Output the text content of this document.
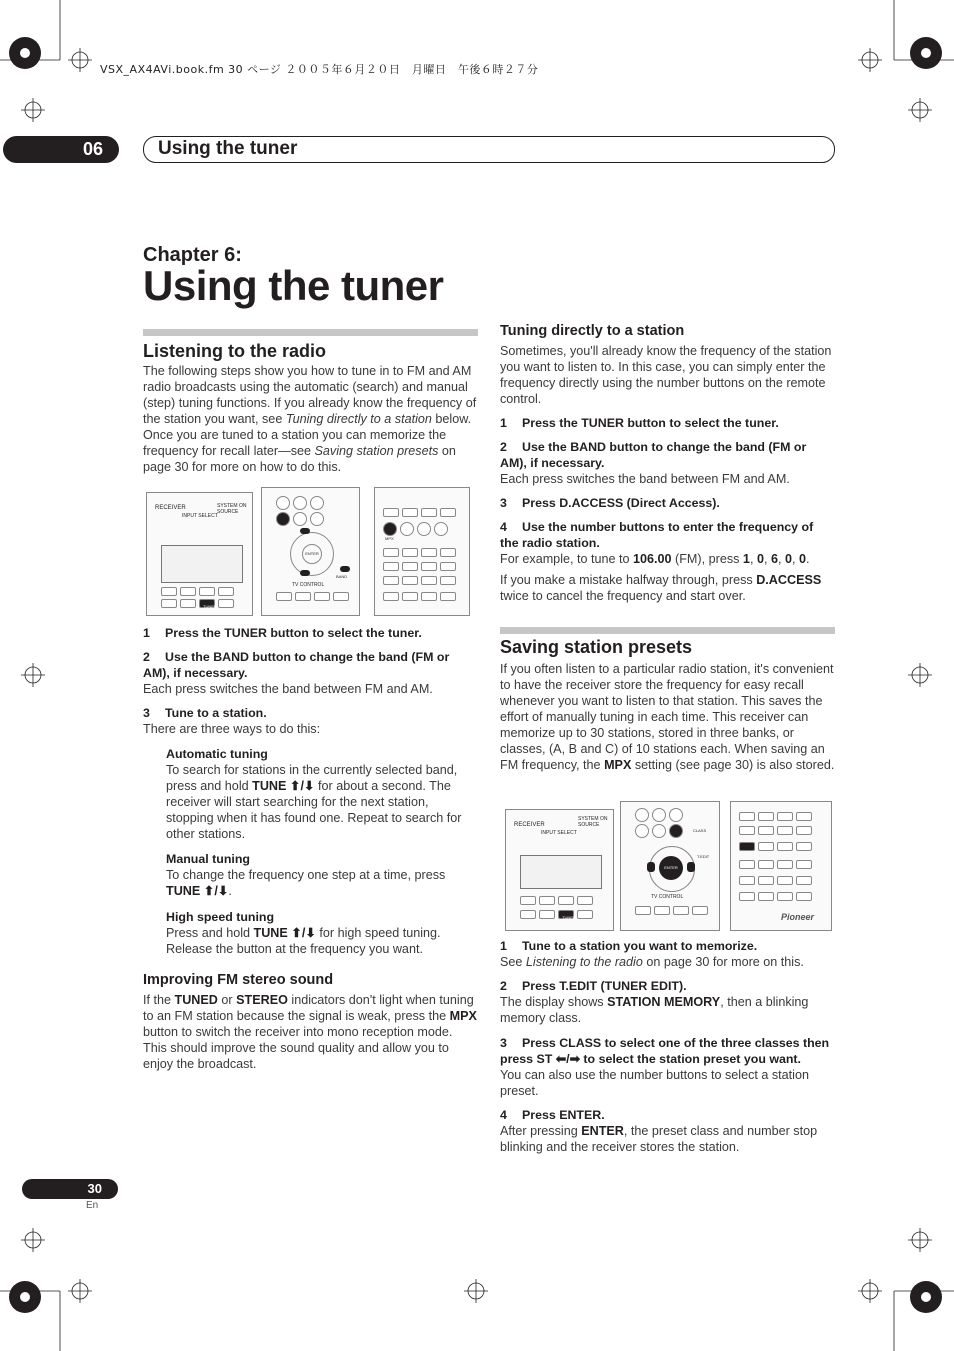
VSX_AX4AVi.book.fm 30 ページ ２００５年６月２０日　月曜日　午後６時２７分
06	Using the tuner
Chapter 6:
Using the tuner
Listening to the radio
The following steps show you how to tune in to FM and AM radio broadcasts using the automatic (search) and manual (step) tuning functions. If you already know the frequency of the station you want, see Tuning directly to a station below. Once you are tuned to a station you can memorize the frequency for recall later—see Saving station presets on page 30 for more on how to do this.
RECEIVER
INPUT SELECT
SYSTEM ON SOURCE
TUNER
ENTER
BAND
TV CONTROL
MPX
1 Press the TUNER button to select the tuner.
2 Use the BAND button to change the band (FM or AM), if necessary.
Each press switches the band between FM and AM.
3 Tune to a station.
There are three ways to do this:
Automatic tuning
To search for stations in the currently selected band, press and hold TUNE ⬆/⬇ for about a second. The receiver will start searching for the next station, stopping when it has found one. Repeat to search for other stations.
Manual tuning
To change the frequency one step at a time, press TUNE ⬆/⬇.
High speed tuning
Press and hold TUNE ⬆/⬇ for high speed tuning. Release the button at the frequency you want.
Improving FM stereo sound
If the TUNED or STEREO indicators don't light when tuning to an FM station because the signal is weak, press the MPX button to switch the receiver into mono reception mode. This should improve the sound quality and allow you to enjoy the broadcast.
Tuning directly to a station
Sometimes, you'll already know the frequency of the station you want to listen to. In this case, you can simply enter the frequency directly using the number buttons on the remote control.
1 Press the TUNER button to select the tuner.
2 Use the BAND button to change the band (FM or AM), if necessary.
Each press switches the band between FM and AM.
3 Press D.ACCESS (Direct Access).
4 Use the number buttons to enter the frequency of the radio station.
For example, to tune to 106.00 (FM), press 1, 0, 6, 0, 0.
If you make a mistake halfway through, press D.ACCESS twice to cancel the frequency and start over.
Saving station presets
If you often listen to a particular radio station, it's convenient to have the receiver store the frequency for easy recall whenever you want to listen to that station. This saves the effort of manually tuning in each time. This receiver can memorize up to 30 stations, stored in three banks, or classes, (A, B and C) of 10 stations each. When saving an FM frequency, the MPX setting (see page 30) is also stored.
RECEIVER
INPUT SELECT
SYSTEM ON SOURCE
TUNER
ENTER
T.EDIT
CLASS
TV CONTROL
Pioneer
1 Tune to a station you want to memorize.
See Listening to the radio on page 30 for more on this.
2 Press T.EDIT (TUNER EDIT).
The display shows STATION MEMORY, then a blinking memory class.
3 Press CLASS to select one of the three classes then press ST ⬅/➡ to select the station preset you want.
You can also use the number buttons to select a station preset.
4 Press ENTER.
After pressing ENTER, the preset class and number stop blinking and the receiver stores the station.
30
En
